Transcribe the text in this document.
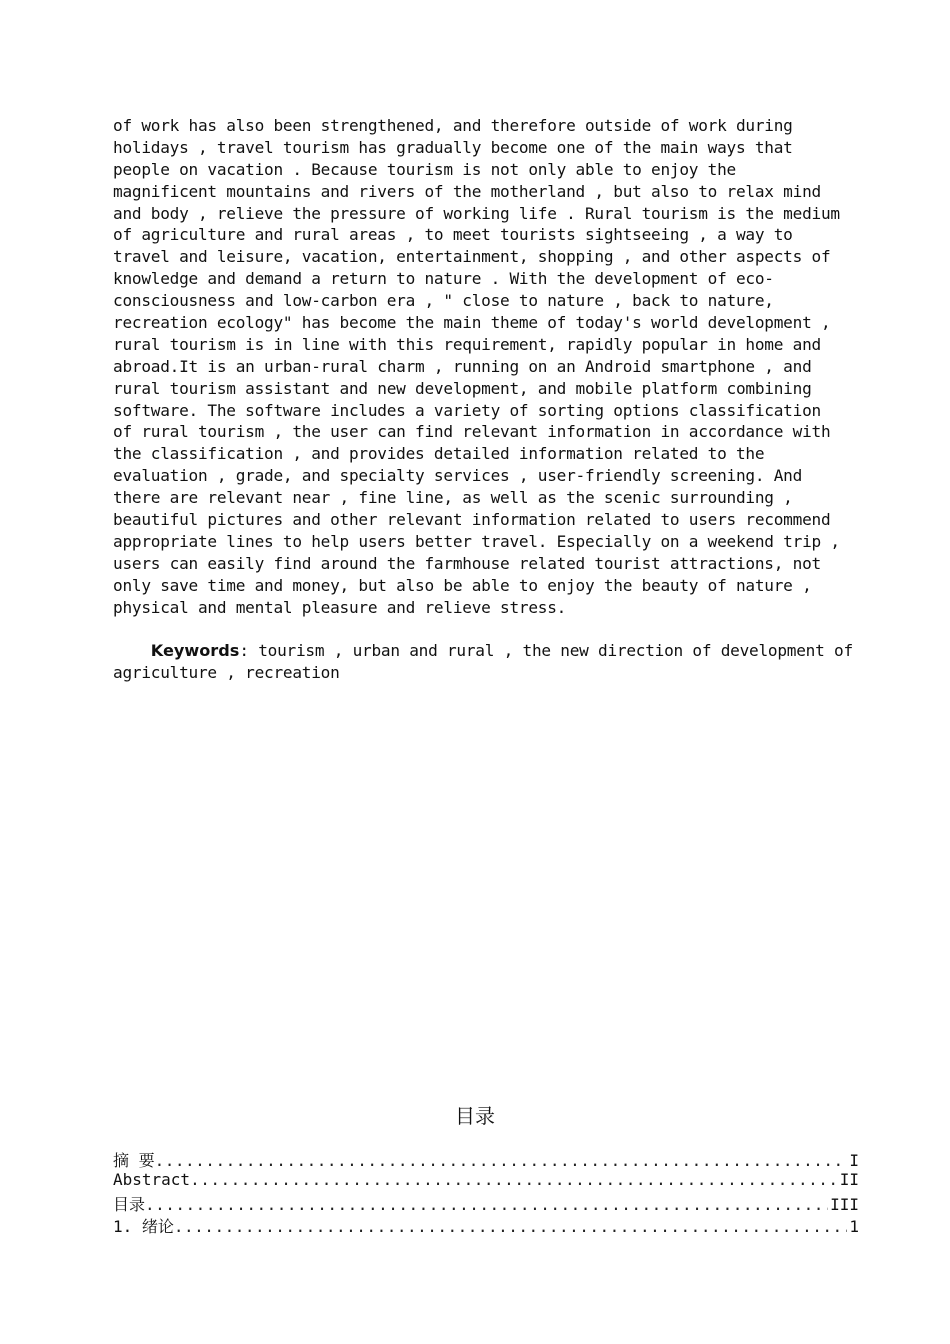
of work has also been strengthened, and therefore outside of work during
holidays , travel tourism has gradually become one of the main ways that
people on vacation . Because tourism is not only able to enjoy the
magnificent mountains and rivers of the motherland , but also to relax mind
and body , relieve the pressure of working life . Rural tourism is the medium
of agriculture and rural areas , to meet tourists sightseeing , a way to
travel and leisure, vacation, entertainment, shopping , and other aspects of
knowledge and demand a return to nature . With the development of eco-
consciousness and low-carbon era , " close to nature , back to nature,
recreation ecology" has become the main theme of today's world development ,
rural tourism is in line with this requirement, rapidly popular in home and
abroad.It is an urban-rural charm , running on an Android smartphone , and
rural tourism assistant and new development, and mobile platform combining
software. The software includes a variety of sorting options classification
of rural tourism , the user can find relevant information in accordance with
the classification , and provides detailed information related to the
evaluation , grade, and specialty services , user-friendly screening. And
there are relevant near , fine line, as well as the scenic surrounding ,
beautiful pictures and other relevant information related to users recommend
appropriate lines to help users better travel. Especially on a weekend trip ,
users can easily find around the farmhouse related tourist attractions, not
only save time and money, but also be able to enjoy the beauty of nature ,
physical and mental pleasure and relieve stress.
Keywords: tourism , urban and rural , the new direction of development of
agriculture , recreation
目录
摘 要 .....	I
Abstract .....	II
目录 .....	III
1. 绪论 .....	1
